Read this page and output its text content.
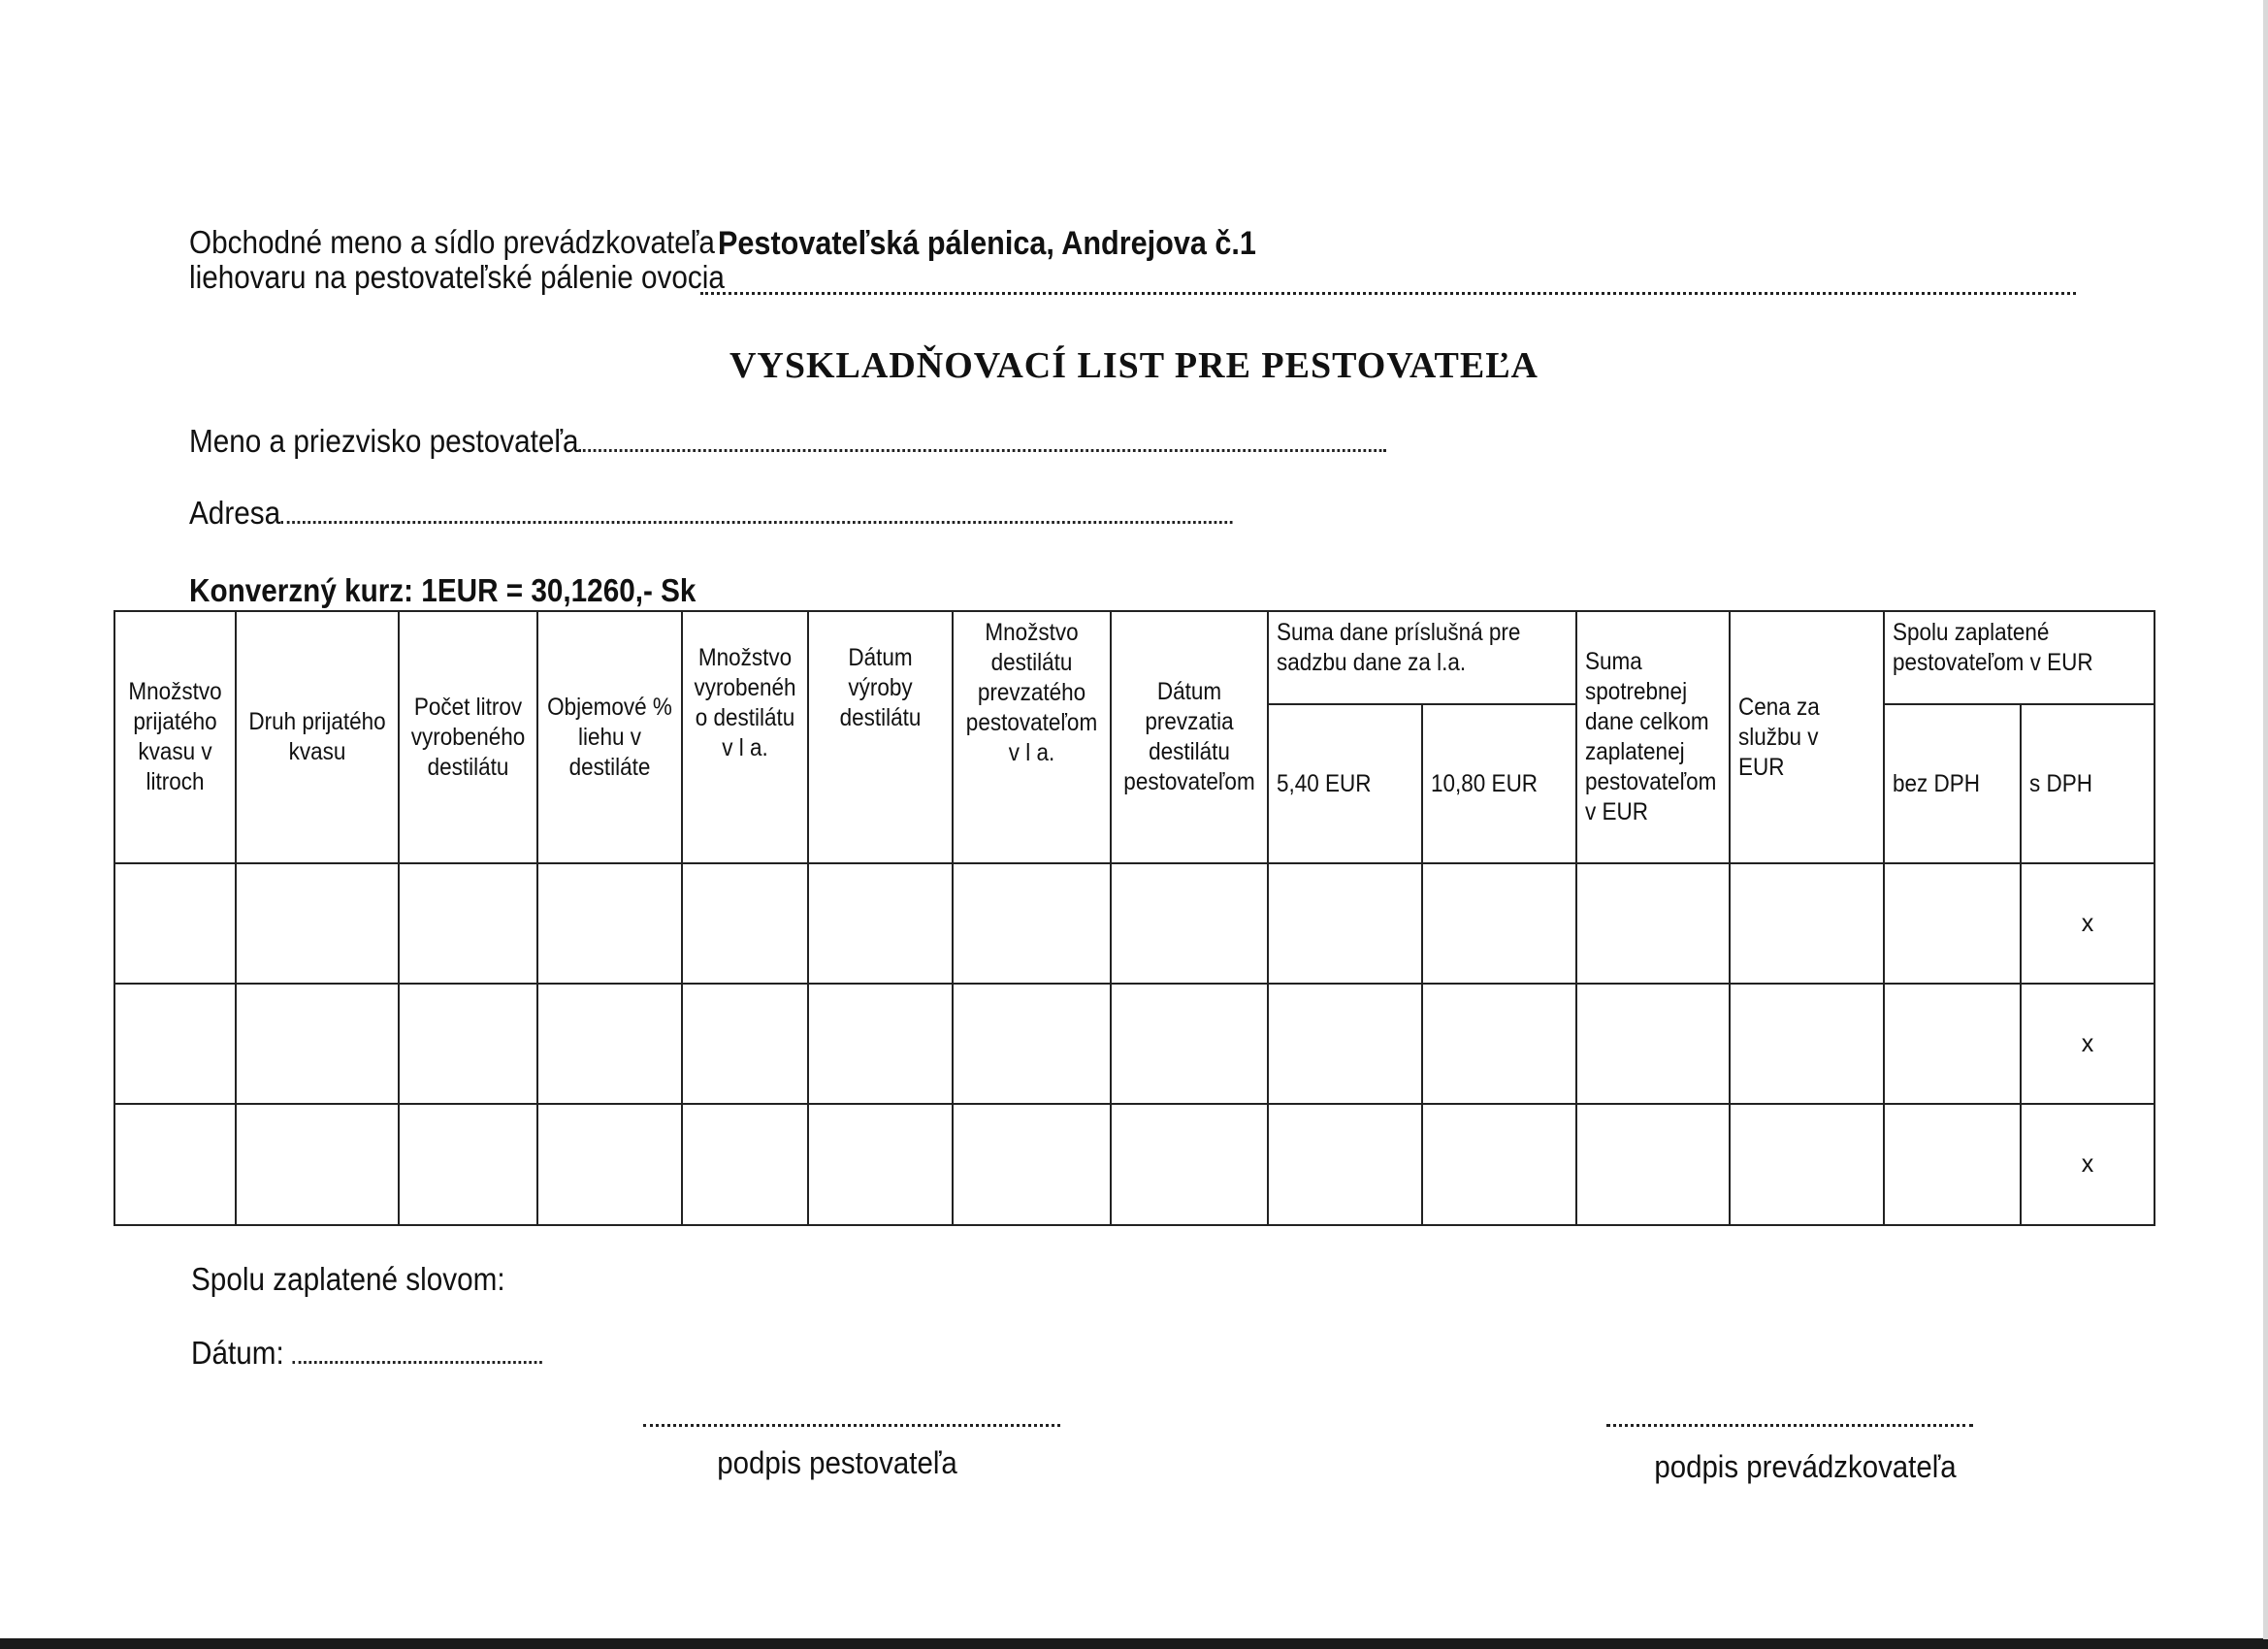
Obchodné meno a sídlo prevádzkovateľa
liehovaru na pestovateľské pálenie ovocia
Pestovateľská pálenica, Andrejova č.1
VYSKLADŇOVACÍ LIST PRE PESTOVATEĽA
Meno a priezvisko pestovateľa
Adresa
Konverzný kurz: 1EUR = 30,1260,- Sk
Množstvo prijatého kvasu v litroch	Druh prijatého kvasu	Počet litrov vyrobeného destilátu	Objemové % liehu v destiláte	Množstvo vyrobenéh o destilátu v l a.	Dátum výroby destilátu	Množstvo destilátu prevzatého pestovateľom v l a.	Dátum prevzatia destilátu pestovateľom	Suma dane príslušná pre sadzbu dane za l.a.		Suma spotrebnej dane celkom zaplatenej pestovateľom v EUR	Cena za službu v EUR	Spolu zaplatené pestovateľom v EUR	
								5,40 EUR	10,80 EUR			bez DPH	s DPH
													x
													x
													x
Spolu zaplatené slovom:
Dátum:
podpis pestovateľa	podpis prevádzkovateľa
